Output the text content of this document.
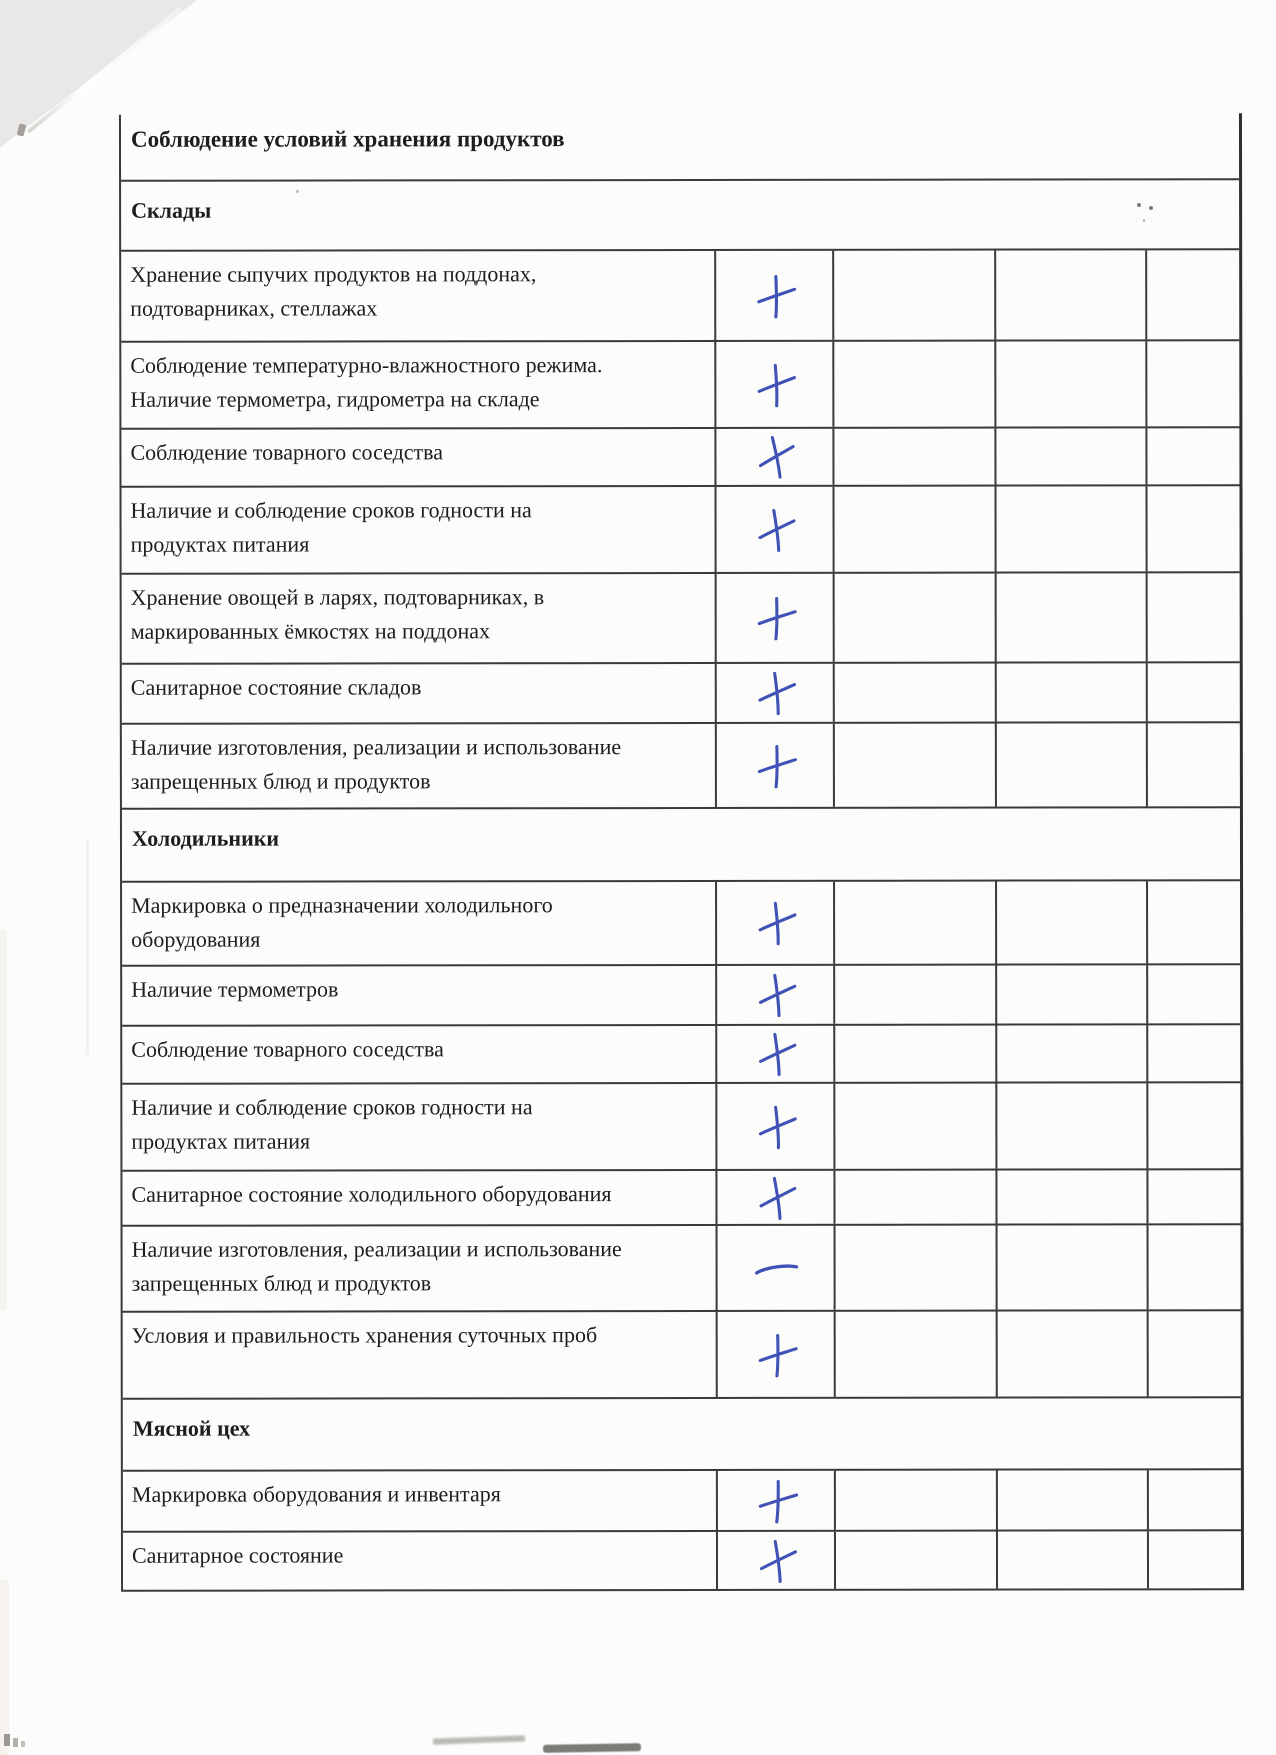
Соблюдение условий хранения продуктов
Склады
Хранение сыпучих продуктов на поддонах,
подтоварниках, стеллажах
Соблюдение температурно-влажностного режима.
Наличие термометра, гидрометра на складе
Соблюдение товарного соседства
Наличие и соблюдение сроков годности на
продуктах питания
Хранение овощей в ларях, подтоварниках, в
маркированных ёмкостях на поддонах
Санитарное состояние складов
Наличие изготовления, реализации и использование
запрещенных блюд и продуктов
Холодильники
Маркировка о предназначении холодильного
оборудования
Наличие термометров
Соблюдение товарного соседства
Наличие и соблюдение сроков годности на
продуктах питания
Санитарное состояние холодильного оборудования
Наличие изготовления, реализации и использование
запрещенных блюд и продуктов
Условия и правильность хранения суточных проб
Мясной цех
Маркировка оборудования и инвентаря
Санитарное состояние
